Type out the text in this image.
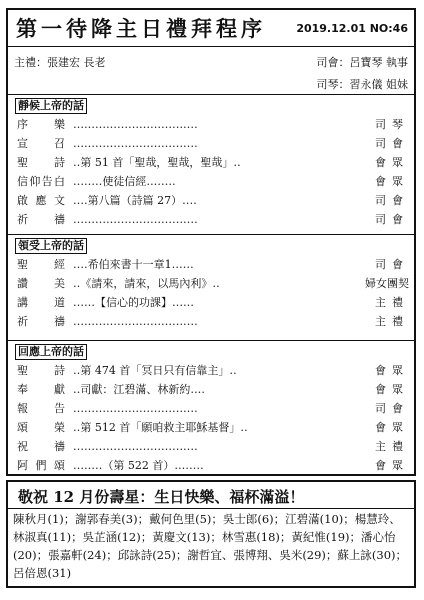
第一待降主日禮拜程序	2019.12.01 NO:46
主禮：張建宏 長老	司會：呂寶琴 執事
司琴：習永儀 姐妹
靜候上帝的話
序 樂 ‥‥‥‥‥‥‥‥‥‥‥‥‥‥‥‥‥	司琴
宣 召 ‥‥‥‥‥‥‥‥‥‥‥‥‥‥‥‥‥	司會
聖 詩 ‥第 51 首「聖哉，聖哉，聖哉」‥	會眾
信 仰 告 白 ‥‥‥‥使徒信經‥‥‥‥	會眾
啟 應 文 ‥‥第八篇（詩篇 27）‥‥	司會
祈 禱 ‥‥‥‥‥‥‥‥‥‥‥‥‥‥‥‥‥	司會
領受上帝的話
聖 經 ‥‥希伯來書十一章1‥‥‥	司會
讚 美 ‥《請來，請來，以馬內利》‥	婦女團契
講 道 ‥‥‥【信心的功課】‥‥‥	主禮
祈 禱 ‥‥‥‥‥‥‥‥‥‥‥‥‥‥‥‥‥	主禮
回應上帝的話
聖 詩 ‥第 474 首「冥日只有信靠主」‥	會眾
奉 獻 ‥司獻：江碧滿、林新約‥‥	會眾
報 告 ‥‥‥‥‥‥‥‥‥‥‥‥‥‥‥‥‥	司會
頌 榮 ‥第 512 首「願咱救主耶穌基督」‥	會眾
祝 禱 ‥‥‥‥‥‥‥‥‥‥‥‥‥‥‥‥‥	主禮
阿 們 頌 ‥‥‥‥（第 522 首）‥‥‥‥	會眾
敬祝 12 月份壽星：生日快樂、福杯滿溢！
陳秋月(1)；謝郭春美(3)；戴何色里(5)；吳士郎(6)；江碧滿(10)；楊慧玲、林淑真(11)；吳芷涵(12)；黃慶文(13)；林雪惠(18)；黃紀惟(19)；潘心怡(20)；張嘉軒(24)；邱詠詩(25)；謝哲宜、張博翔、吳米(29)；蘇上詠(30)；呂倍恩(31)
